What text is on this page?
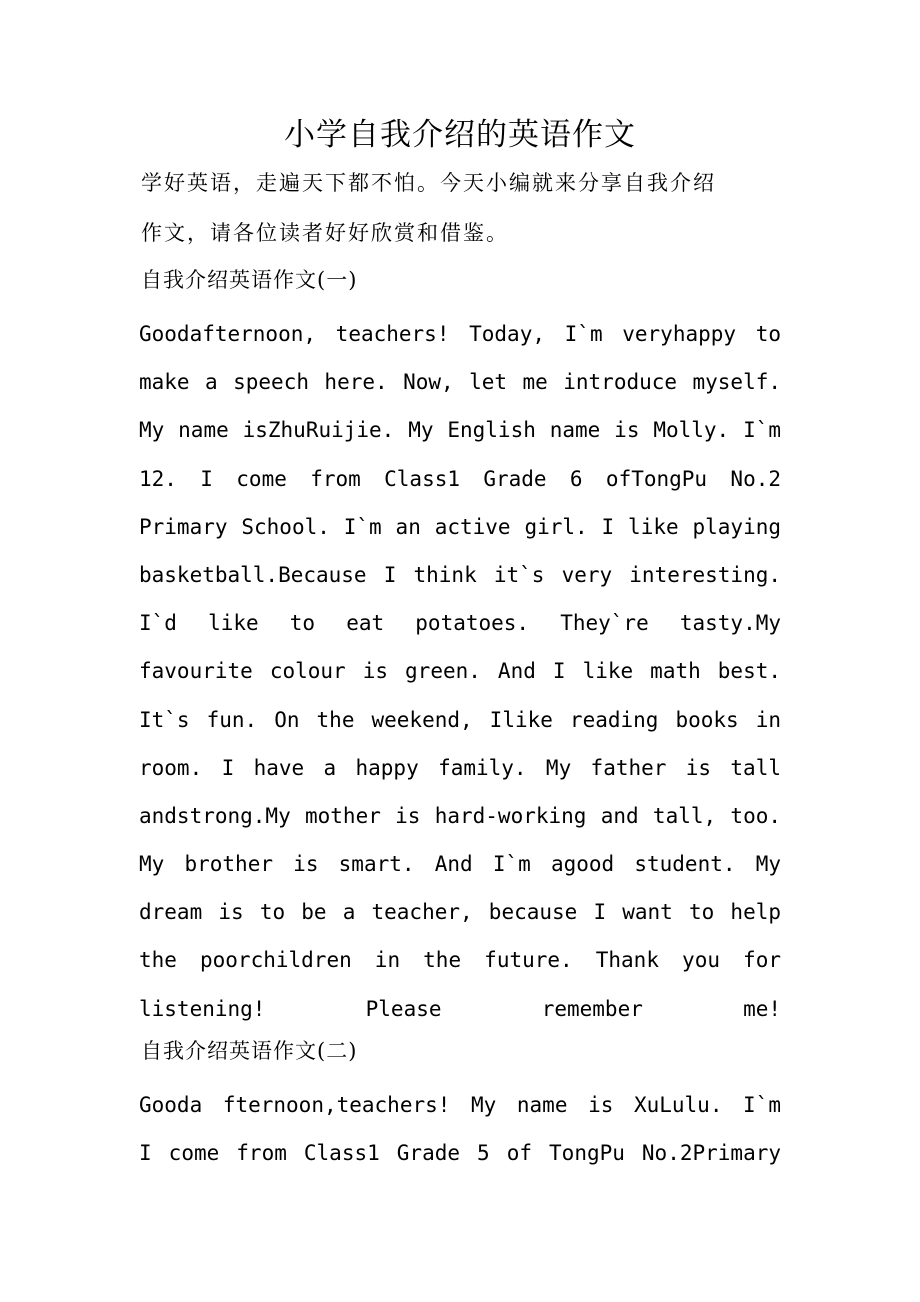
小学自我介绍的英语作文

学好英语，走遍天下都不怕。今天小编就来分享自我介绍

作文，请各位读者好好欣赏和借鉴。

自我介绍英语作文(一)
Goodafternoon, teachers! Today, I`m veryhappy to
make a speech here. Now, let me introduce myself.
My name isZhuRuijie. My English name is Molly. I`m
12. I come from Class1 Grade 6 ofTongPu No.2
Primary School. I`m an active girl. I like playing
basketball.Because I think it`s very interesting.
I`d like to eat potatoes. They`re tasty.My
favourite colour is green. And I like math best.
It`s fun. On the weekend, Ilike reading books in
room. I have a happy family. My father is tall
andstrong.My mother is hard-working and tall, too.
My brother is smart. And I`m agood student. My
dream is to be a teacher, because I want to help
the poorchildren in the future. Thank you for
listening! Please remember me!
自我介绍英语作文(二)
Gooda fternoon,teachers! My name is XuLulu. I`m
I come from Class1 Grade 5 of TongPu No.2Primary
